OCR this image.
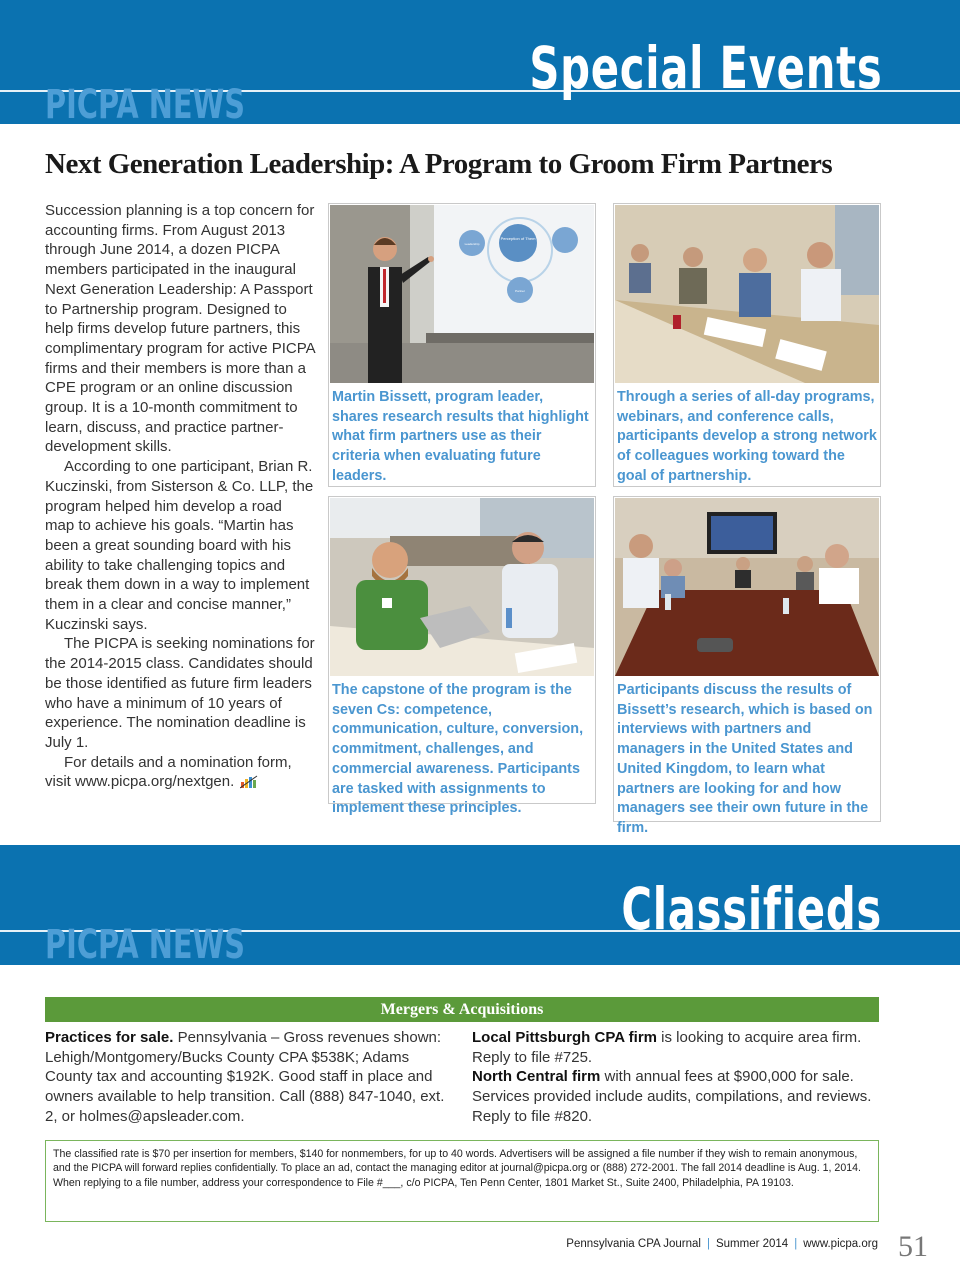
Special Events
PICPA NEWS
Next Generation Leadership: A Program to Groom Firm Partners

Succession planning is a top concern for accounting firms. From August 2013 through June 2014, a dozen PICPA members participated in the inaugural Next Generation Leadership: A Passport to Partnership program. Designed to help firms develop future partners, this complimentary program for active PICPA firms and their members is more than a CPE program or an online discussion group. It is a 10-month commitment to learn, discuss, and practice partner-development skills.

According to one participant, Brian R. Kuczinski, from Sisterson & Co. LLP, the program helped him develop a road map to achieve his goals. “Martin has been a great sounding board with his ability to take challenging topics and break them down in a way to implement them in a clear and concise manner,” Kuczinski says.

The PICPA is seeking nominations for the 2014-2015 class. Candidates should be those identified as future firm leaders who have a minimum of 10 years of experience. The nomination deadline is July 1.

For details and a nomination form, visit www.picpa.org/nextgen.

Perception of Them
Leadership
Partner
Martin Bissett, program leader, shares research results that highlight what firm partners use as their criteria when evaluating future leaders.
Through a series of all-day programs, webinars, and conference calls, participants develop a strong network of colleagues working toward the goal of partnership.
The capstone of the program is the seven Cs: competence, communication, culture, conversion, commitment, challenges, and commercial awareness. Participants are tasked with assignments to implement these principles.
Participants discuss the results of Bissett’s research, which is based on interviews with partners and managers in the United States and United Kingdom, to learn what partners are looking for and how managers see their own future in the firm.
Classifieds
PICPA NEWS
Mergers & Acquisitions

Practices for sale. Pennsylvania – Gross revenues shown: Lehigh/Montgomery/Bucks County CPA $538K; Adams County tax and accounting $192K. Good staff in place and owners available to help transition. Call (888) 847-1040, ext. 2, or holmes@apsleader.com.

Local Pittsburgh CPA firm is looking to acquire area firm. Reply to file #725.

North Central firm with annual fees at $900,000 for sale. Services provided include audits, compilations, and reviews. Reply to file #820.

The classified rate is $70 per insertion for members, $140 for nonmembers, for up to 40 words. Advertisers will be assigned a file number if they wish to remain anonymous, and the PICPA will forward replies confidentially. To place an ad, contact the managing editor at journal@picpa.org or (888) 272-2001. The fall 2014 deadline is Aug. 1, 2014. When replying to a file number, address your correspondence to File #___, c/o PICPA, Ten Penn Center, 1801 Market St., Suite 2400, Philadelphia, PA 19103.
Pennsylvania CPA Journal | Summer 2014 | www.picpa.org 51
